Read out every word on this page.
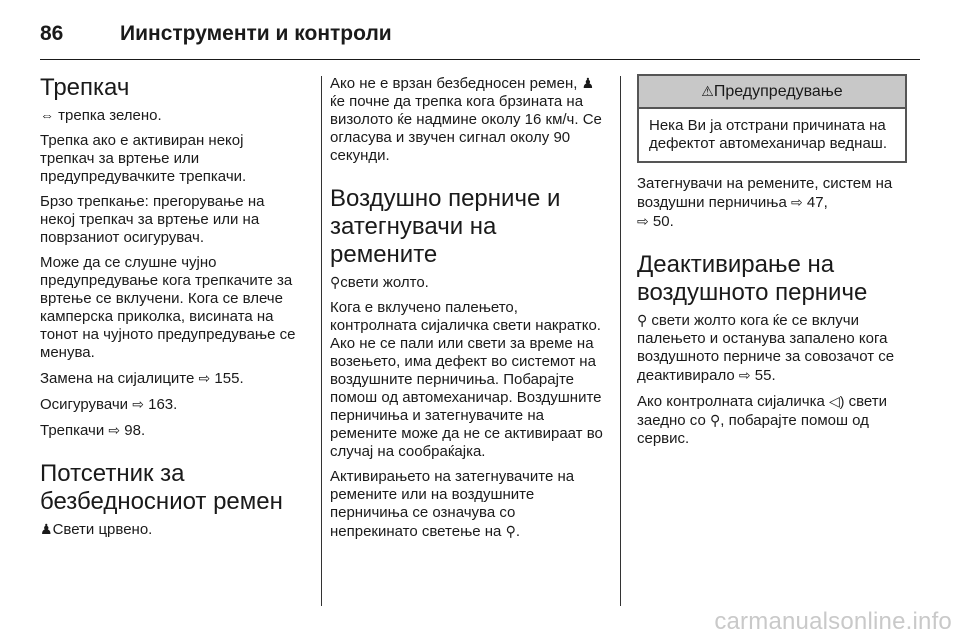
86	Иинструменти и контроли
Трепкач

⇔ трепка зелено.

Трепка ако е активиран некој трепкач за вртење или предупредувачките трепкачи.

Брзо трепкање: прегорување на некој трепкач за вртење или на поврзаниот осигурувач.

Може да се слушне чујно предупредување кога трепкачите за вртење се вклучени. Кога се влече камперска приколка, висината на тонот на чујното предупредување се менува.

Замена на сијалиците ⇨ 155.

Осигурувачи ⇨ 163.

Трепкачи ⇨ 98.

Потсетник за безбедносниот ремен

♟Свети црвено.

Ако не е врзан безбедносен ремен, ♟ ќе почне да трепка кога брзината на визолото ќе надмине околу 16 км/ч. Се огласува и звучен сигнал околу 90 секунди.

Воздушно перниче и затегнувачи на ремените

⚲свети жолто.

Кога е вклучено палењето, контролната сијаличка свети накратко. Ако не се пали или свети за време на возењето, има дефект во системот на воздушните перничиња. Побарајте помош од автомеханичар. Воздушните перничиња и затегнувачите на ремените може да не се активираат во случај на сообраќајка.

Активирањето на затегнувачите на ремените или на воздушните перничиња се означува со непрекинато светење на ⚲.

⚠Предупредување
Нека Ви ја отстрани причината на дефектот автомеханичар веднаш.

Затегнувачи на ремените, систем на воздушни перничиња ⇨ 47,
⇨ 50.

Деактивирање на воздушното перниче

⚲ свети жолто кога ќе се вклучи палењето и останува запалено кога воздушното перниче за совозачот се деактивирало ⇨ 55.

Ако контролната сијаличка ◁) свети заедно со ⚲, побарајте помош од сервис.

carmanualsonline.info
